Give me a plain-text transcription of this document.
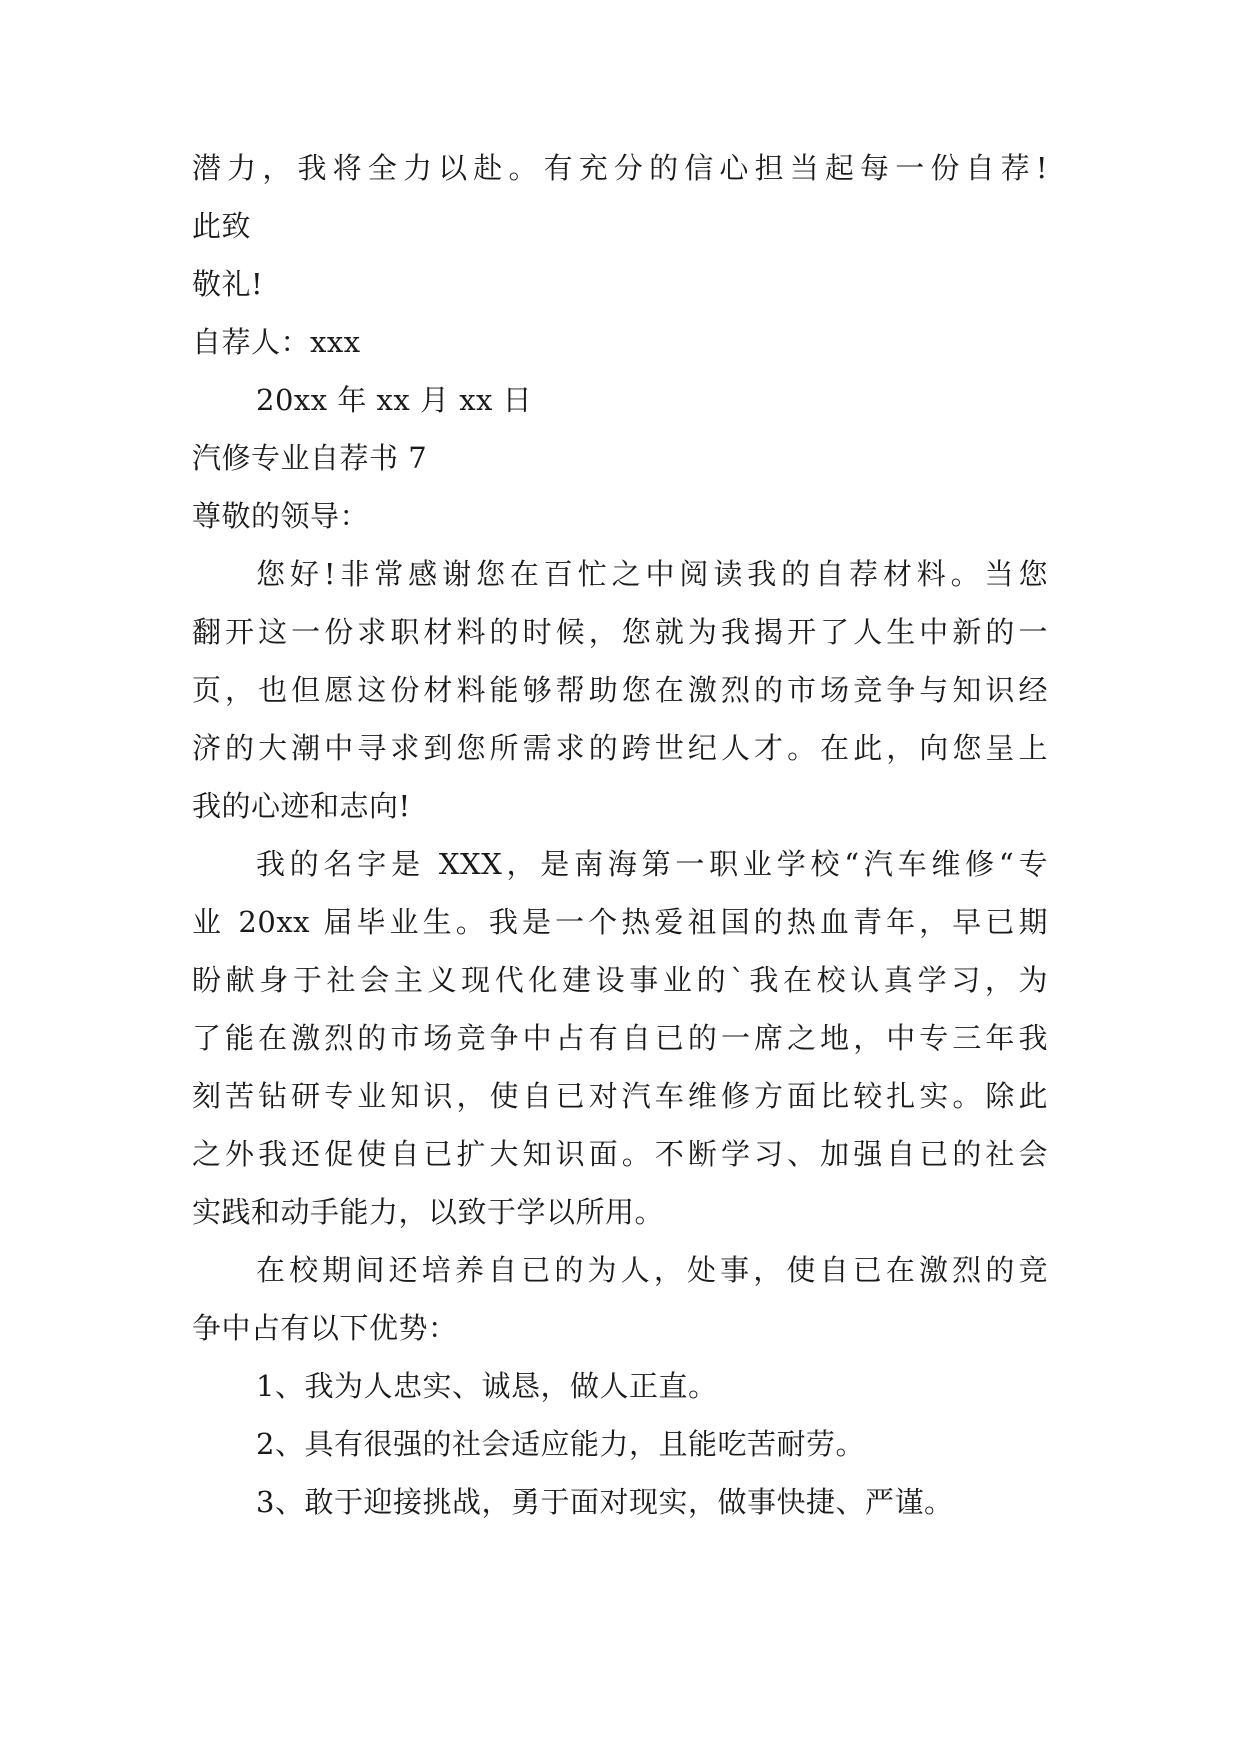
潜力，我将全力以赴。有充分的信心担当起每一份自荐!
此致
敬礼!
自荐人：xxx
20xx 年 xx 月 xx 日
汽修专业自荐书 7
尊敬的领导：
您好!非常感谢您在百忙之中阅读我的自荐材料。当您
翻开这一份求职材料的时候，您就为我揭开了人生中新的一
页，也但愿这份材料能够帮助您在激烈的市场竞争与知识经
济的大潮中寻求到您所需求的跨世纪人才。在此，向您呈上
我的心迹和志向!
我的名字是 XXX，是南海第一职业学校“汽车维修“专
业 20xx 届毕业生。我是一个热爱祖国的热血青年，早已期
盼献身于社会主义现代化建设事业的`我在校认真学习，为
了能在激烈的市场竞争中占有自已的一席之地，中专三年我
刻苦钻研专业知识，使自已对汽车维修方面比较扎实。除此
之外我还促使自已扩大知识面。不断学习、加强自已的社会
实践和动手能力，以致于学以所用。
在校期间还培养自已的为人，处事，使自已在激烈的竞
争中占有以下优势：
1、我为人忠实、诚恳，做人正直。
2、具有很强的社会适应能力，且能吃苦耐劳。
3、敢于迎接挑战，勇于面对现实，做事快捷、严谨。
